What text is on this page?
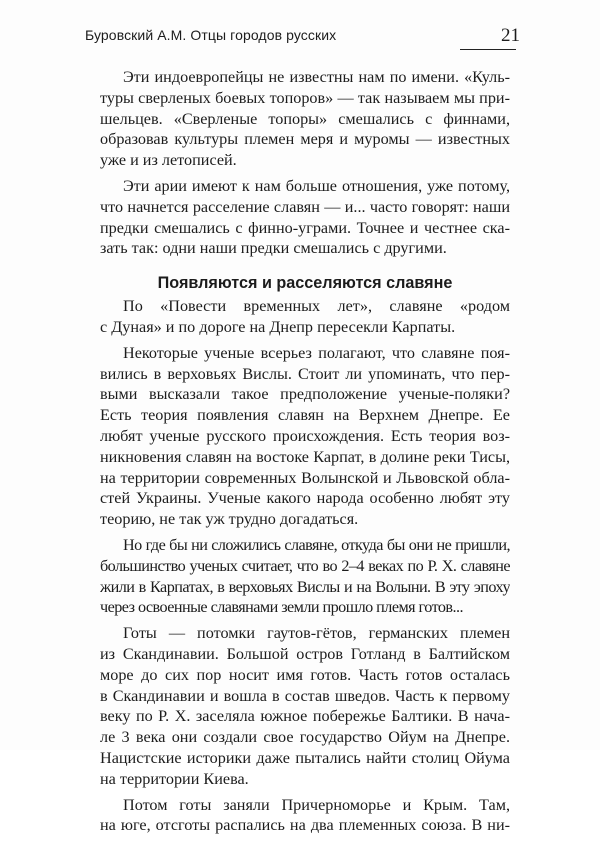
Буровский А.М. Отцы городов русских	21
Эти индоевропейцы не известны нам по имени. «Куль-
туры сверленых боевых топоров» — так называем мы при-
шельцев. «Сверленые топоры» смешались с финнами,
образовав культуры племен меря и муромы — известных
уже и из летописей.
Эти арии имеют к нам больше отношения, уже потому,
что начнется расселение славян — и... часто говорят: наши
предки смешались с финно-уграми. Точнее и честнее ска-
зать так: одни наши предки смешались с другими.
Появляются и расселяются славяне
По «Повести временных лет», славяне «родом
с Дуная» и по дороге на Днепр пересекли Карпаты.
Некоторые ученые всерьез полагают, что славяне поя-
вились в верховьях Вислы. Стоит ли упоминать, что пер-
выми высказали такое предположение ученые-поляки?
Есть теория появления славян на Верхнем Днепре. Ее
любят ученые русского происхождения. Есть теория воз-
никновения славян на востоке Карпат, в долине реки Тисы,
на территории современных Волынской и Львовской обла-
стей Украины. Ученые какого народа особенно любят эту
теорию, не так уж трудно догадаться.
Но где бы ни сложились славяне, откуда бы они не пришли,
большинство ученых считает, что во 2–4 веках по Р. Х. славяне
жили в Карпатах, в верховьях Вислы и на Волыни. В эту эпоху
через освоенные славянами земли прошло племя готов...
Готы — потомки гаутов-гётов, германских племен
из Скандинавии. Большой остров Готланд в Балтийском
море до сих пор носит имя готов. Часть готов осталась
в Скандинавии и вошла в состав шведов. Часть к первому
веку по Р. Х. заселяла южное побережье Балтики. В нача-
ле 3 века они создали свое государство Ойум на Днепре.
Нацистские историки даже пытались найти столиц Ойума
на территории Киева.
Потом готы заняли Причерноморье и Крым. Там,
на юге, отсготы распались на два племенных союза. В ни-
